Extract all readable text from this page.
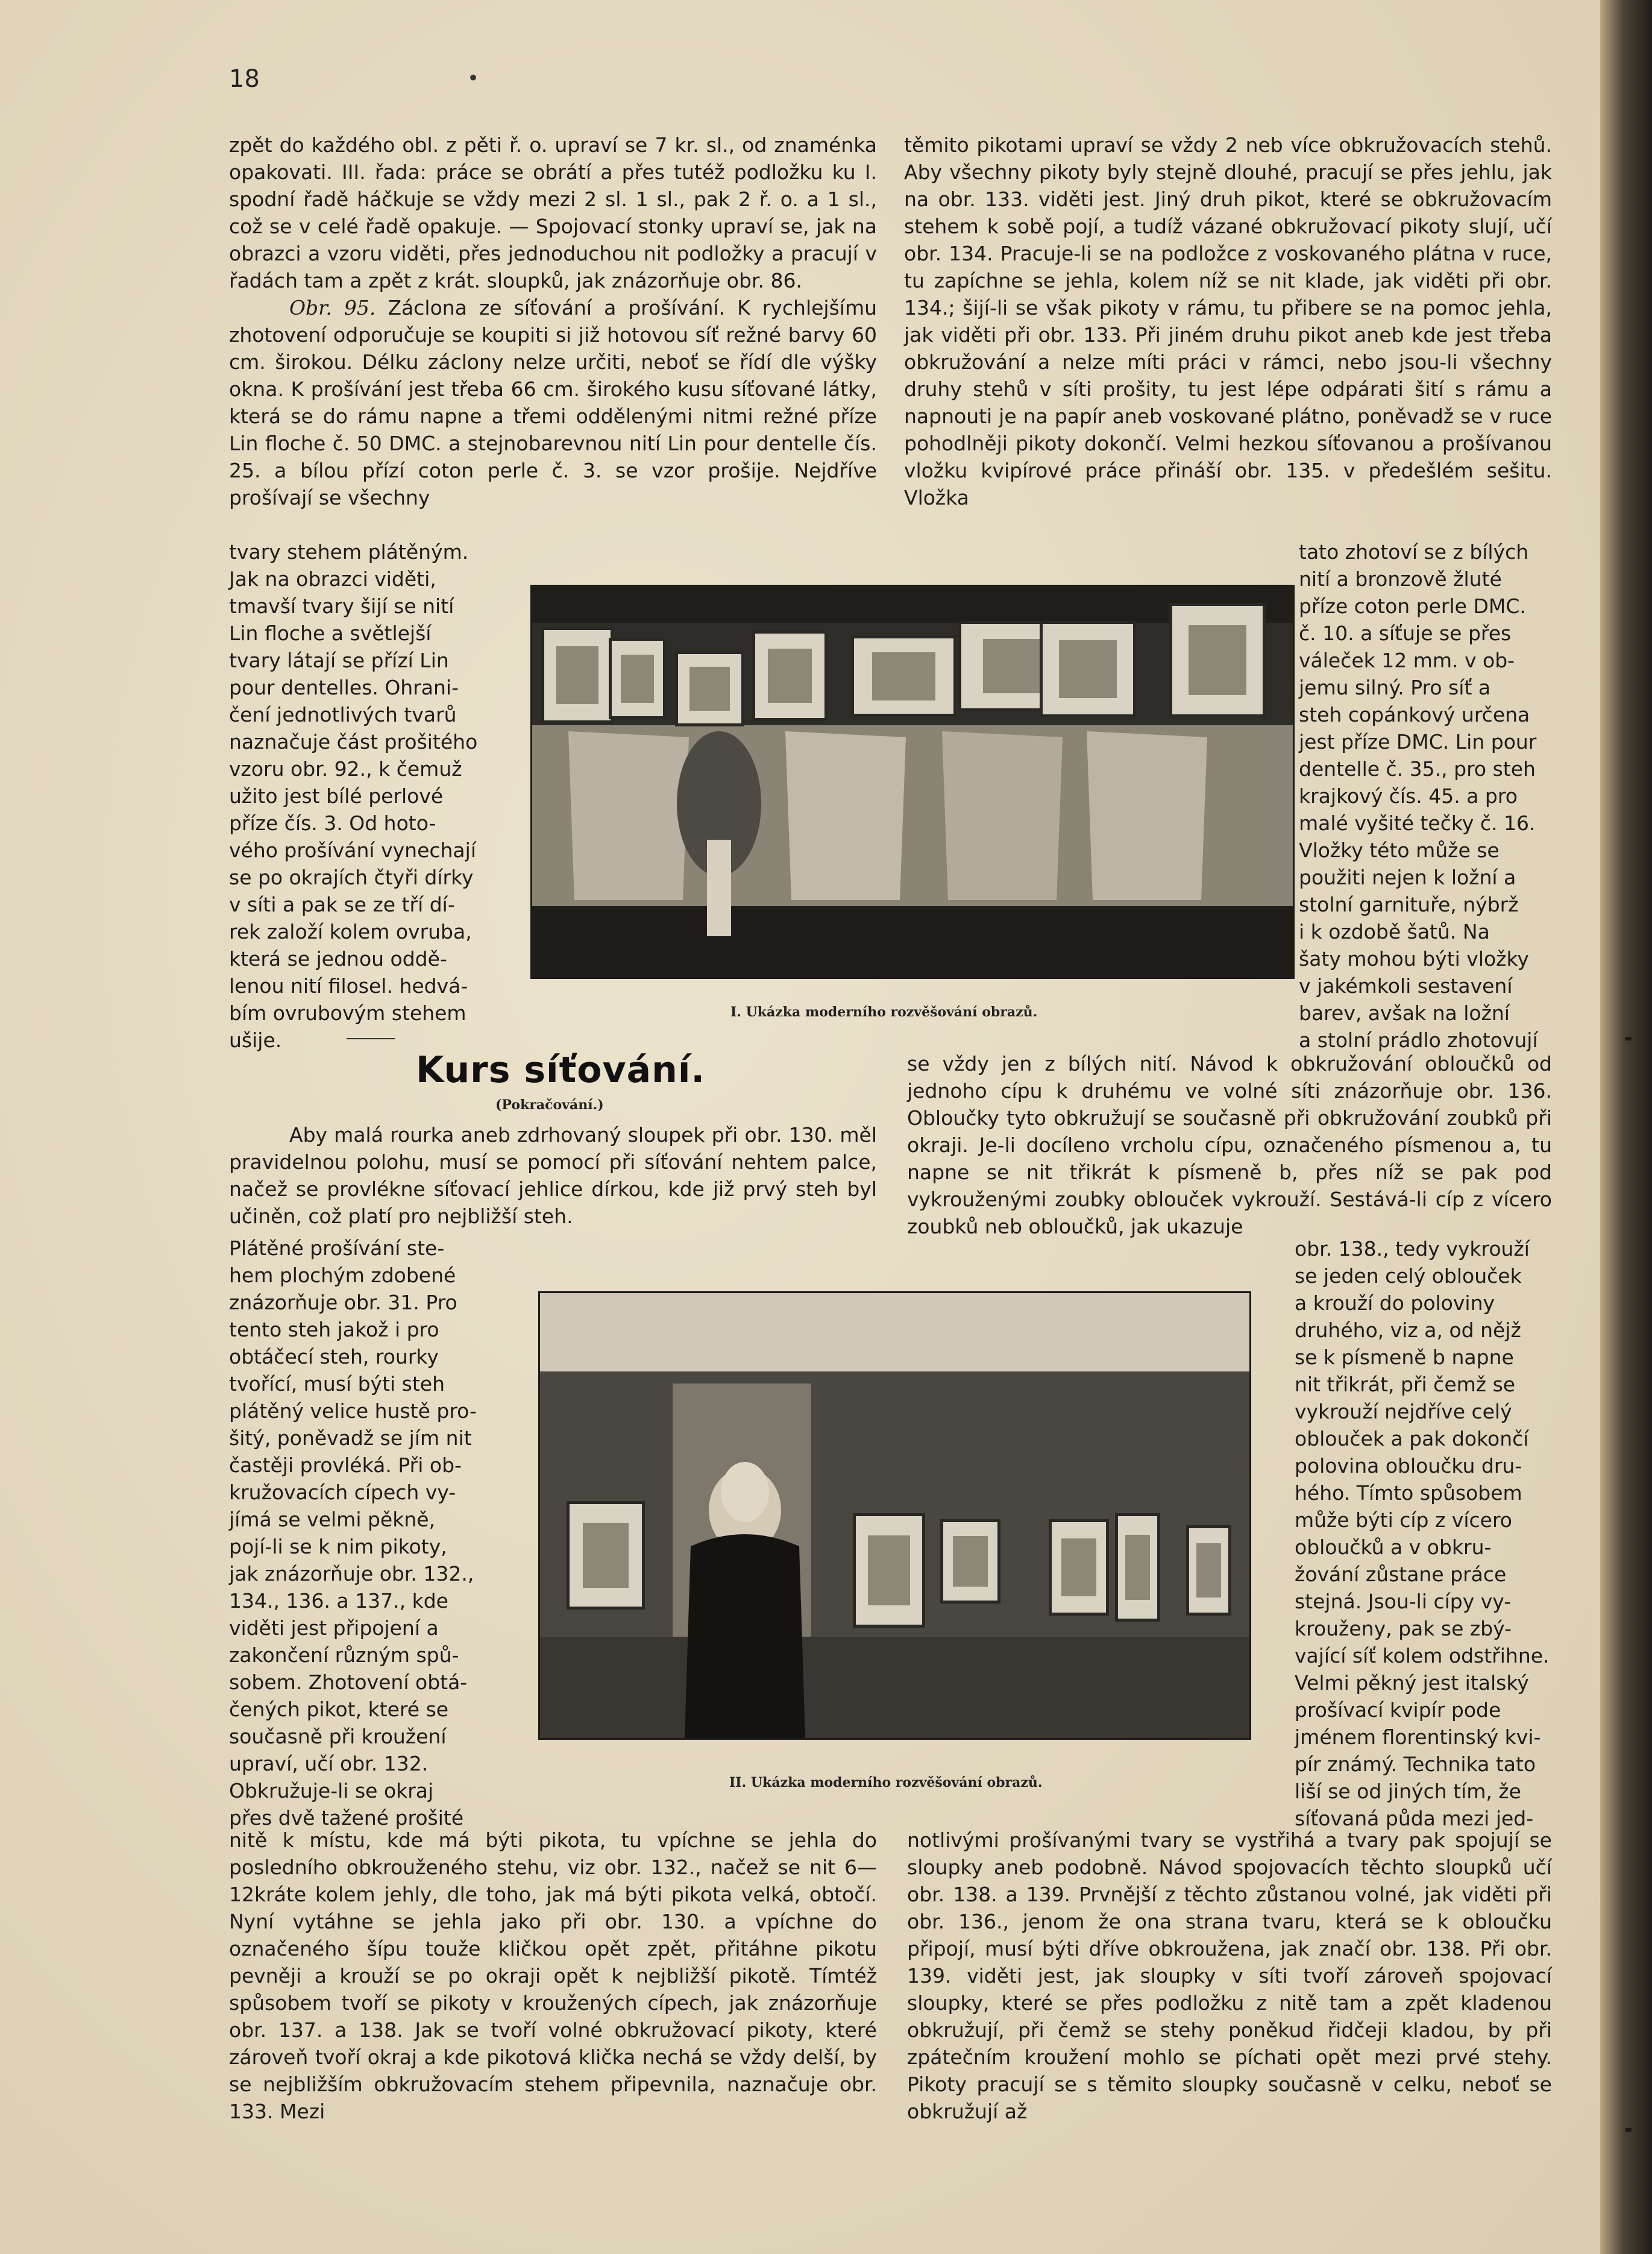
18	•

zpět do každého obl. z pěti ř. o. upraví se 7 kr. sl., od znaménka opakovati. III. řada: práce se obrátí a přes tutéž podložku ku I. spodní řadě háčkuje se vždy mezi 2 sl. 1 sl., pak 2 ř. o. a 1 sl., což se v celé řadě opakuje. — Spojovací stonky upraví se, jak na obrazci a vzoru viděti, přes jednoduchou nit podložky a pracují v řadách tam a zpět z krát. sloupků, jak znázorňuje obr. 86.

Obr. 95. Záclona ze síťování a prošívání. K rychlejšímu zhotovení odporučuje se koupiti si již hotovou síť režné barvy 60 cm. širokou. Délku záclony nelze určiti, neboť se řídí dle výšky okna. K prošívání jest třeba 66 cm. širokého kusu síťované látky, která se do rámu napne a třemi oddělenými nitmi režné příze Lin floche č. 50 DMC. a stejnobarevnou nití Lin pour dentelle čís. 25. a bílou přízí coton perle č. 3. se vzor prošije. Nejdříve prošívají se všechny

tvary stehem plátěným.
Jak na obrazci viděti,
tmavší tvary šijí se nití
Lin floche a světlejší
tvary látají se přízí Lin
pour dentelles. Ohrani-
čení jednotlivých tvarů
naznačuje část prošitého
vzoru obr. 92., k čemuž
užito jest bílé perlové
příze čís. 3. Od hoto-
vého prošívání vynechají
se po okrajích čtyři dírky
v síti a pak se ze tří dí-
rek založí kolem ovruba,
která se jednou oddě-
lenou nití filosel. hedvá-
bím ovrubovým stehem
ušije.

těmito pikotami upraví se vždy 2 neb více obkružovacích stehů. Aby všechny pikoty byly stejně dlouhé, pracují se přes jehlu, jak na obr. 133. viděti jest. Jiný druh pikot, které se obkružovacím stehem k sobě pojí, a tudíž vázané obkružovací pikoty slují, učí obr. 134. Pracuje-li se na podložce z voskovaného plátna v ruce, tu zapíchne se jehla, kolem níž se nit klade, jak viděti při obr. 134.; šijí-li se však pikoty v rámu, tu přibere se na pomoc jehla, jak viděti při obr. 133. Při jiném druhu pikot aneb kde jest třeba obkružování a nelze míti práci v rámci, nebo jsou-li všechny druhy stehů v síti prošity, tu jest lépe odpárati šití s rámu a napnouti je na papír aneb voskované plátno, poněvadž se v ruce pohodlněji pikoty dokončí. Velmi hezkou síťovanou a prošívanou vložku kvipírové práce přináší obr. 135. v předešlém sešitu. Vložka

tato zhotoví se z bílých
nití a bronzově žluté
příze coton perle DMC.
č. 10. a síťuje se přes
váleček 12 mm. v ob-
jemu silný. Pro síť a
steh copánkový určena
jest příze DMC. Lin pour
dentelle č. 35., pro steh
krajkový čís. 45. a pro
malé vyšité tečky č. 16.
Vložky této může se
použiti nejen k ložní a
stolní garnituře, nýbrž
i k ozdobě šatů. Na
šaty mohou býti vložky
v jakémkoli sestavení
barev, avšak na ložní
a stolní prádlo zhotovují
I. Ukázka moderního rozvěšování obrazů.
Kurs síťování.
(Pokračování.)

se vždy jen z bílých nití. Návod k obkružování obloučků od jednoho cípu k druhému ve volné síti znázorňuje obr. 136. Obloučky tyto obkružují se současně při obkružování zoubků při okraji. Je-li docíleno vrcholu cípu, označeného písmenou a, tu napne se nit třikrát k písmeně b, přes níž se pak pod vykrouženými zoubky oblouček vykrouží. Sestává-li cíp z vícero zoubků neb obloučků, jak ukazuje

Aby malá rourka aneb zdrhovaný sloupek při obr. 130. měl pravidelnou polohu, musí se pomocí při síťování nehtem palce, načež se provlékne síťovací jehlice dírkou, kde již prvý steh byl učiněn, což platí pro nejbližší steh.

Plátěné prošívání ste-
hem plochým zdobené
znázorňuje obr. 31. Pro
tento steh jakož i pro
obtáčecí steh, rourky
tvořící, musí býti steh
plátěný velice hustě pro-
šitý, poněvadž se jím nit
častěji provléká. Při ob-
kružovacích cípech vy-
jímá se velmi pěkně,
pojí-li se k nim pikoty,
jak znázorňuje obr. 132.,
134., 136. a 137., kde
viděti jest připojení a
zakončení různým spů-
sobem. Zhotovení obtá-
čených pikot, které se
současně při kroužení
upraví, učí obr. 132.
Obkružuje-li se okraj
přes dvě tažené prošité
II. Ukázka moderního rozvěšování obrazů.
obr. 138., tedy vykrouží
se jeden celý oblouček
a krouží do poloviny
druhého, viz a, od nějž
se k písmeně b napne
nit třikrát, při čemž se
vykrouží nejdříve celý
oblouček a pak dokončí
polovina obloučku dru-
hého. Tímto spůsobem
může býti cíp z vícero
obloučků a v obkru-
žování zůstane práce
stejná. Jsou-li cípy vy-
krouženy, pak se zbý-
vající síť kolem odstřihne.
Velmi pěkný jest italský
prošívací kvipír pode
jménem florentinský kvi-
pír známý. Technika tato
liší se od jiných tím, že
síťovaná půda mezi jed-

nitě k místu, kde má býti pikota, tu vpíchne se jehla do posledního obkrouženého stehu, viz obr. 132., načež se nit 6—12kráte kolem jehly, dle toho, jak má býti pikota velká, obtočí. Nyní vytáhne se jehla jako při obr. 130. a vpíchne do označeného šípu touže kličkou opět zpět, přitáhne pikotu pevněji a krouží se po okraji opět k nejbližší pikotě. Tímtéž spůsobem tvoří se pikoty v kroužených cípech, jak znázorňuje obr. 137. a 138. Jak se tvoří volné obkružovací pikoty, které zároveň tvoří okraj a kde pikotová klička nechá se vždy delší, by se nejbližším obkružovacím stehem připevnila, naznačuje obr. 133. Mezi

notlivými prošívanými tvary se vystřihá a tvary pak spojují se sloupky aneb podobně. Návod spojovacích těchto sloupků učí obr. 138. a 139. Prvnější z těchto zůstanou volné, jak viděti při obr. 136., jenom že ona strana tvaru, která se k obloučku připojí, musí býti dříve obkroužena, jak značí obr. 138. Při obr. 139. viděti jest, jak sloupky v síti tvoří zároveň spojovací sloupky, které se přes podložku z nitě tam a zpět kladenou obkružují, při čemž se stehy poněkud řidčeji kladou, by při zpátečním kroužení mohlo se píchati opět mezi prvé stehy. Pikoty pracují se s těmito sloupky současně v celku, neboť se obkružují až
